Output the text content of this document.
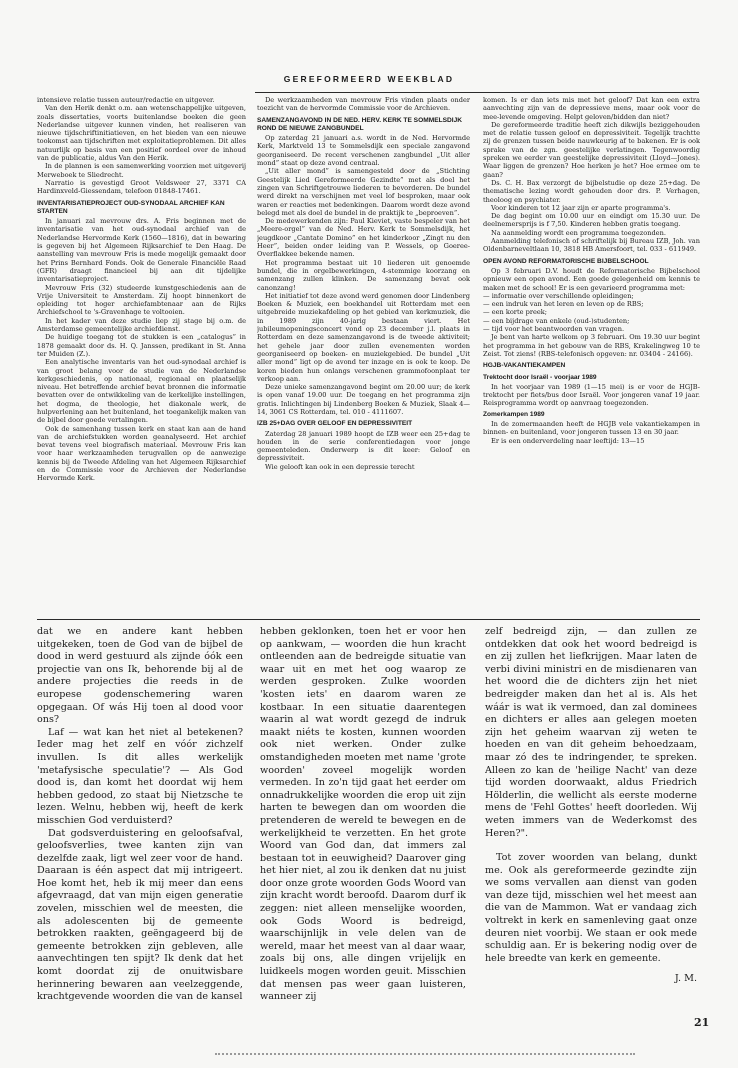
GEREFORMEERD WEEKBLAD

intensieve relatie tussen auteur/redactie en uitgever.

Van den Herik denkt o.m. aan wetenschappelijke uitgeven, zoals dissertaties, voorts buitenlandse boeken die geen Nederlandse uitgever kunnen vinden, het realiseren van nieuwe tijdschriftinitiatieven, en het bieden van een nieuwe tookomst aan tijdschriften met exploitatieproblemen. Dit alles natuurlijk op basis van een positief oordeel over de inhoud van de publicatie, aldus Van den Herik.

In de plannen is een samenwerking voorzien met uitgeverij Merweboek te Sliedrecht.

Narratio is gevestigd Groot Veldsweer 27, 3371 CA Hardinxveld-Giessendam, telefoon 01848-17461.

INVENTARISATIEPROJECT OUD-SYNODAAL ARCHIEF KAN STARTEN

In januari zal mevrouw drs. A. Fris beginnen met de inventarisatie van het oud-synodaal archief van de Nederlandse Hervormde Kerk (1560—1816), dat in bewaring is gegeven bij het Algemeen Rijksarchief te Den Haag. De aanstelling van mevrouw Fris is mede mogelijk gemaakt door het Prins Bernhard Fonds. Ook de Generale Financiële Raad (GFR) draagt financieel bij aan dit tijdelijke inventarisatieproject.

Mevrouw Fris (32) studeerde kunstgeschiedenis aan de Vrije Universiteit te Amsterdam. Zij hoopt binnenkort de opleiding tot hoger archiefambtenaar aan de Rijks Archiefschool te 's-Gravenhage te voltooien.

In het kader van deze studie liep zij stage bij o.m. de Amsterdamse gemeentelijke archiefdienst.

De huidige toegang tot de stukken is een „catalogus” in 1878 gemaakt door ds. H. Q. Janssen, predikant in St. Anna ter Muiden (Z.).

Een analytische inventaris van het oud-synodaal archief is van groot belang voor de studie van de Nederlandse kerkgeschiedenis, op nationaal, regionaal en plaatselijk niveau. Het betreffende archief bevat bronnen die informatie bevatten over de ontwikkeling van de kerkelijke instellingen, het dogma, de theologie, het diakonale werk, de hulpverlening aan het buitenland, het toegankelijk maken van de bijbel door goede vertalingen.

Ook de samenhang tussen kerk en staat kan aan de hand van de archiefstukken worden geanalyseerd. Het archief bevat tevens veel biografisch materiaal. Mevrouw Fris kan voor haar werkzaamheden terugvallen op de aanwezige kennis bij de Tweede Afdeling van het Algemeen Rijksarchief en de Commissie voor de Archieven der Nederlandse Hervormde Kerk.

De werkzaamheden van mevrouw Fris vinden plaats onder toezicht van de hervormde Commissie voor de Archieven.

SAMENZANGAVOND IN DE NED. HERV. KERK TE SOMMELSDIJK ROND DE NIEUWE ZANGBUNDEL

Op zaterdag 21 januari a.s. wordt in de Ned. Hervormde Kerk, Marktveld 13 te Sommelsdijk een speciale zangavond georganiseerd. De recent verschenen zangbundel „Uit aller mond” staat op deze avond centraal.

„Uit aller mond” is samengesteld door de „Stichting Geestelijk Lied Gereformeerde Gezindte” met als doel het zingen van Schriftgetrouwe liederen te bevorderen. De bundel werd direkt na verschijnen met veel lof besproken, maar ook waren er reacties met bedenkingen. Daarom wordt deze avond belegd met als doel de bundel in de praktijk te „beproeven”.

De medewerkenden zijn: Paul Kieviet, vaste bespeler van het „Meere-orgel” van de Ned. Herv. Kerk te Sommelsdijk, het jeugdkoor „Cantate Domino” en het kinderkoor „Zingt nu den Heer”, beiden onder leiding van P. Wessels, op Goeree-Overflakkee bekende namen.

Het programma bestaat uit 10 liederen uit genoemde bundel, die in orgelbewerkingen, 4-stemmige koorzang en samenzang zullen klinken. De samenzang bevat ook canonzang!

Het initiatief tot deze avond werd genomen door Lindenberg Boeken & Muziek, een boekhandel uit Rotterdam met een uitgebreide muziekafdeling op het gebied van kerkmuziek, die in 1989 zijn 40-jarig bestaan viert. Het jubileumopeningsconcert vond op 23 december j.l. plaats in Rotterdam en deze samenzangavond is de tweede aktiviteit; het gehele jaar door zullen evenementen worden georganiseerd op boeken- en muziekgebied. De bundel „Uit aller mond” ligt op de avond ter inzage en is ook te koop. De koren bieden hun onlangs verschenen grammofoonplaat ter verkoop aan.

Deze unieke samenzangavond begint om 20.00 uur; de kerk is open vanaf 19.00 uur. De toegang en het programma zijn gratis. Inlichtingen bij Lindenberg Boeken & Muziek, Slaak 4—14, 3061 CS Rotterdam, tel. 010 - 4111607.

IZB 25+DAG OVER GELOOF EN DEPRESSIVITEIT

Zaterdag 28 januari 1989 hoopt de IZB weer een 25+dag te houden in de serie conferentiedagen voor jonge gemeenteleden. Onderwerp is dit keer: Geloof en depressiviteit.

Wie gelooft kan ook in een depressie terecht

komen. Is er dan iets mis met het geloof? Dat kan een extra aanvechting zijn van de depressieve mens, maar ook voor de mee-levende omgeving. Helpt geloven/bidden dan niet?

De gereformeerde traditie heeft zich dikwijls beziggehouden met de relatie tussen geloof en depressiviteit. Tegelijk trachtte zij de grenzen tussen beide nauwkeurig af te bakenen. Er is ook sprake van de zgn. geestelijke verlatingen. Tegenwoordig spreken we eerder van geestelijke depressiviteit (Lloyd—Jones). Waar liggen de grenzen? Hoe herken je het? Hoe ermee om te gaan?

Ds. C. H. Bax verzorgt de bijbelstudie op deze 25+dag. De thematische lezing wordt gehouden door drs. P. Verhagen, theoloog en psychiater.

Voor kinderen tot 12 jaar zijn er aparte programma's.

De dag begint om 10.00 uur en eindigt om 15.30 uur. De deelnemersprijs is f 7,50. Kinderen hebben gratis toegang.

Na aanmelding wordt een programma toegezonden.

Aanmelding telefonisch of schriftelijk bij Bureau IZB, Joh. van Oldenbarneveltlaan 10, 3818 HB Amersfoort, tel. 033 - 611949.

OPEN AVOND REFORMATORISCHE BIJBELSCHOOL

Op 3 februari D.V. houdt de Reformatorische Bijbelschool opnieuw een open avond. Een goede gelegenheid om kennis te maken met de school! Er is een gevarieerd programma met:

— informatie over verschillende opleidingen;

— een indruk van het leren en leven op de RBS;

— een korte preek;

— een bijdrage van enkele (oud-)studenten;

— tijd voor het beantwoorden van vragen.

Je bent van harte welkom op 3 februari. Om 19.30 uur begint het programma in het gebouw van de RBS, Krakelingweg 10 te Zeist. Tot ziens! (RBS-telefonisch opgeven: nr. 03404 - 24166).

HGJB-VAKANTIEKAMPEN
Trektocht door Israël - voorjaar 1989

In het voorjaar van 1989 (1—15 mei) is er voor de HGJB-trektocht per fiets/bus door Israël. Voor jongeren vanaf 19 jaar. Reisprogramma wordt op aanvraag toegezonden.

Zomerkampen 1989

In de zomermaanden heeft de HGJB vele vakantiekampen in binnen- en buitenland, voor jongeren tussen 13 en 30 jaar.

Er is een onderverdeling naar leeftijd: 13—15

dat we en andere kant hebben uitgekeken, toen de God van de bijbel de dood in werd gestuurd als zijnde óók een projectie van ons Ik, behorende bij al de andere projecties die reeds in de europese godenschemering waren opgegaan. Of wás Hij toen al dood voor ons?

Laf — wat kan het niet al betekenen? Ieder mag het zelf en vóór zichzelf invullen. Is dit alles werkelijk 'metafysische speculatie'? — Als God dood is, dan komt het doordat wij hem hebben gedood, zo staat bij Nietzsche te lezen. Welnu, hebben wij, heeft de kerk misschien God verduisterd?

Dat godsverduistering en geloofsafval, geloofsverlies, twee kanten zijn van dezelfde zaak, ligt wel zeer voor de hand. Daaraan is één aspect dat mij intrigeert. Hoe komt het, heb ik mij meer dan eens afgevraagd, dat van mijn eigen generatie zovelen, misschien wel de meesten, die als adolescenten bij de gemeente betrokken raakten, geëngageerd bij de gemeente betrokken zijn gebleven, alle aanvechtingen ten spijt? Ik denk dat het komt doordat zij de onuitwisbare herinnering bewaren aan veelzeggende, krachtgevende woorden die van de kansel

hebben geklonken, toen het er voor hen op aankwam, — woorden die hun kracht ontleenden aan de bedreigde situatie van waar uit en met het oog waarop ze werden gesproken. Zulke woorden 'kosten iets' en daarom waren ze kostbaar. In een situatie daarentegen waarin al wat wordt gezegd de indruk maakt niéts te kosten, kunnen woorden ook niet werken. Onder zulke omstandigheden moeten met name 'grote woorden' zoveel mogelijk worden vermeden. In zo'n tijd gaat het eerder om onnadrukkelijke woorden die erop uit zijn harten te bewegen dan om woorden die pretenderen de wereld te bewegen en de werkelijkheid te verzetten. En het grote Woord van God dan, dat immers zal bestaan tot in eeuwigheid? Daarover ging het hier niet, al zou ik denken dat nu juist door onze grote woorden Gods Woord van zijn kracht wordt beroofd. Daarom durf ik zeggen: niet alleen menselijke woorden, ook Gods Woord is bedreigd, waarschijnlijk in vele delen van de wereld, maar het meest van al daar waar, zoals bij ons, alle dingen vrijelijk en luidkeels mogen worden geuit. Misschien dat mensen pas weer gaan luisteren, wanneer zij

zelf bedreigd zijn, — dan zullen ze ontdekken dat ook het woord bedreigd is en zij zullen het liefkrijgen. Maar laten de verbi divini ministri en de misdienaren van het woord die de dichters zijn het niet bedreigder maken dan het al is. Als het wáár is wat ik vermoed, dan zal domineеs en dichters er alles aan gelegen moeten zijn het geheim waarvan zij weten te hoeden en van dit geheim behoedzaam, maar zó des te indringender, te spreken. Alleen zo kan de 'heilige Nacht' van deze tijd worden doorwaakt, aldus Friedrich Hölderlin, die wellicht als eerste moderne mens de 'Fehl Gottes' heeft doorleden. Wij weten immers van de Wederkomst des Heren?".

Tot zover woorden van belang, dunkt me. Ook als gereformeerde gezindte zijn we soms vervallen aan dienst van goden van deze tijd, misschien wel het meest aan die van de Mammon. Wat er vandaag zich voltrekt in kerk en samenleving gaat onze deuren niet voorbij. We staan er ook mede schuldig aan. Er is bekering nodig over de hele breedte van kerk en gemeente.

J. M.
21
